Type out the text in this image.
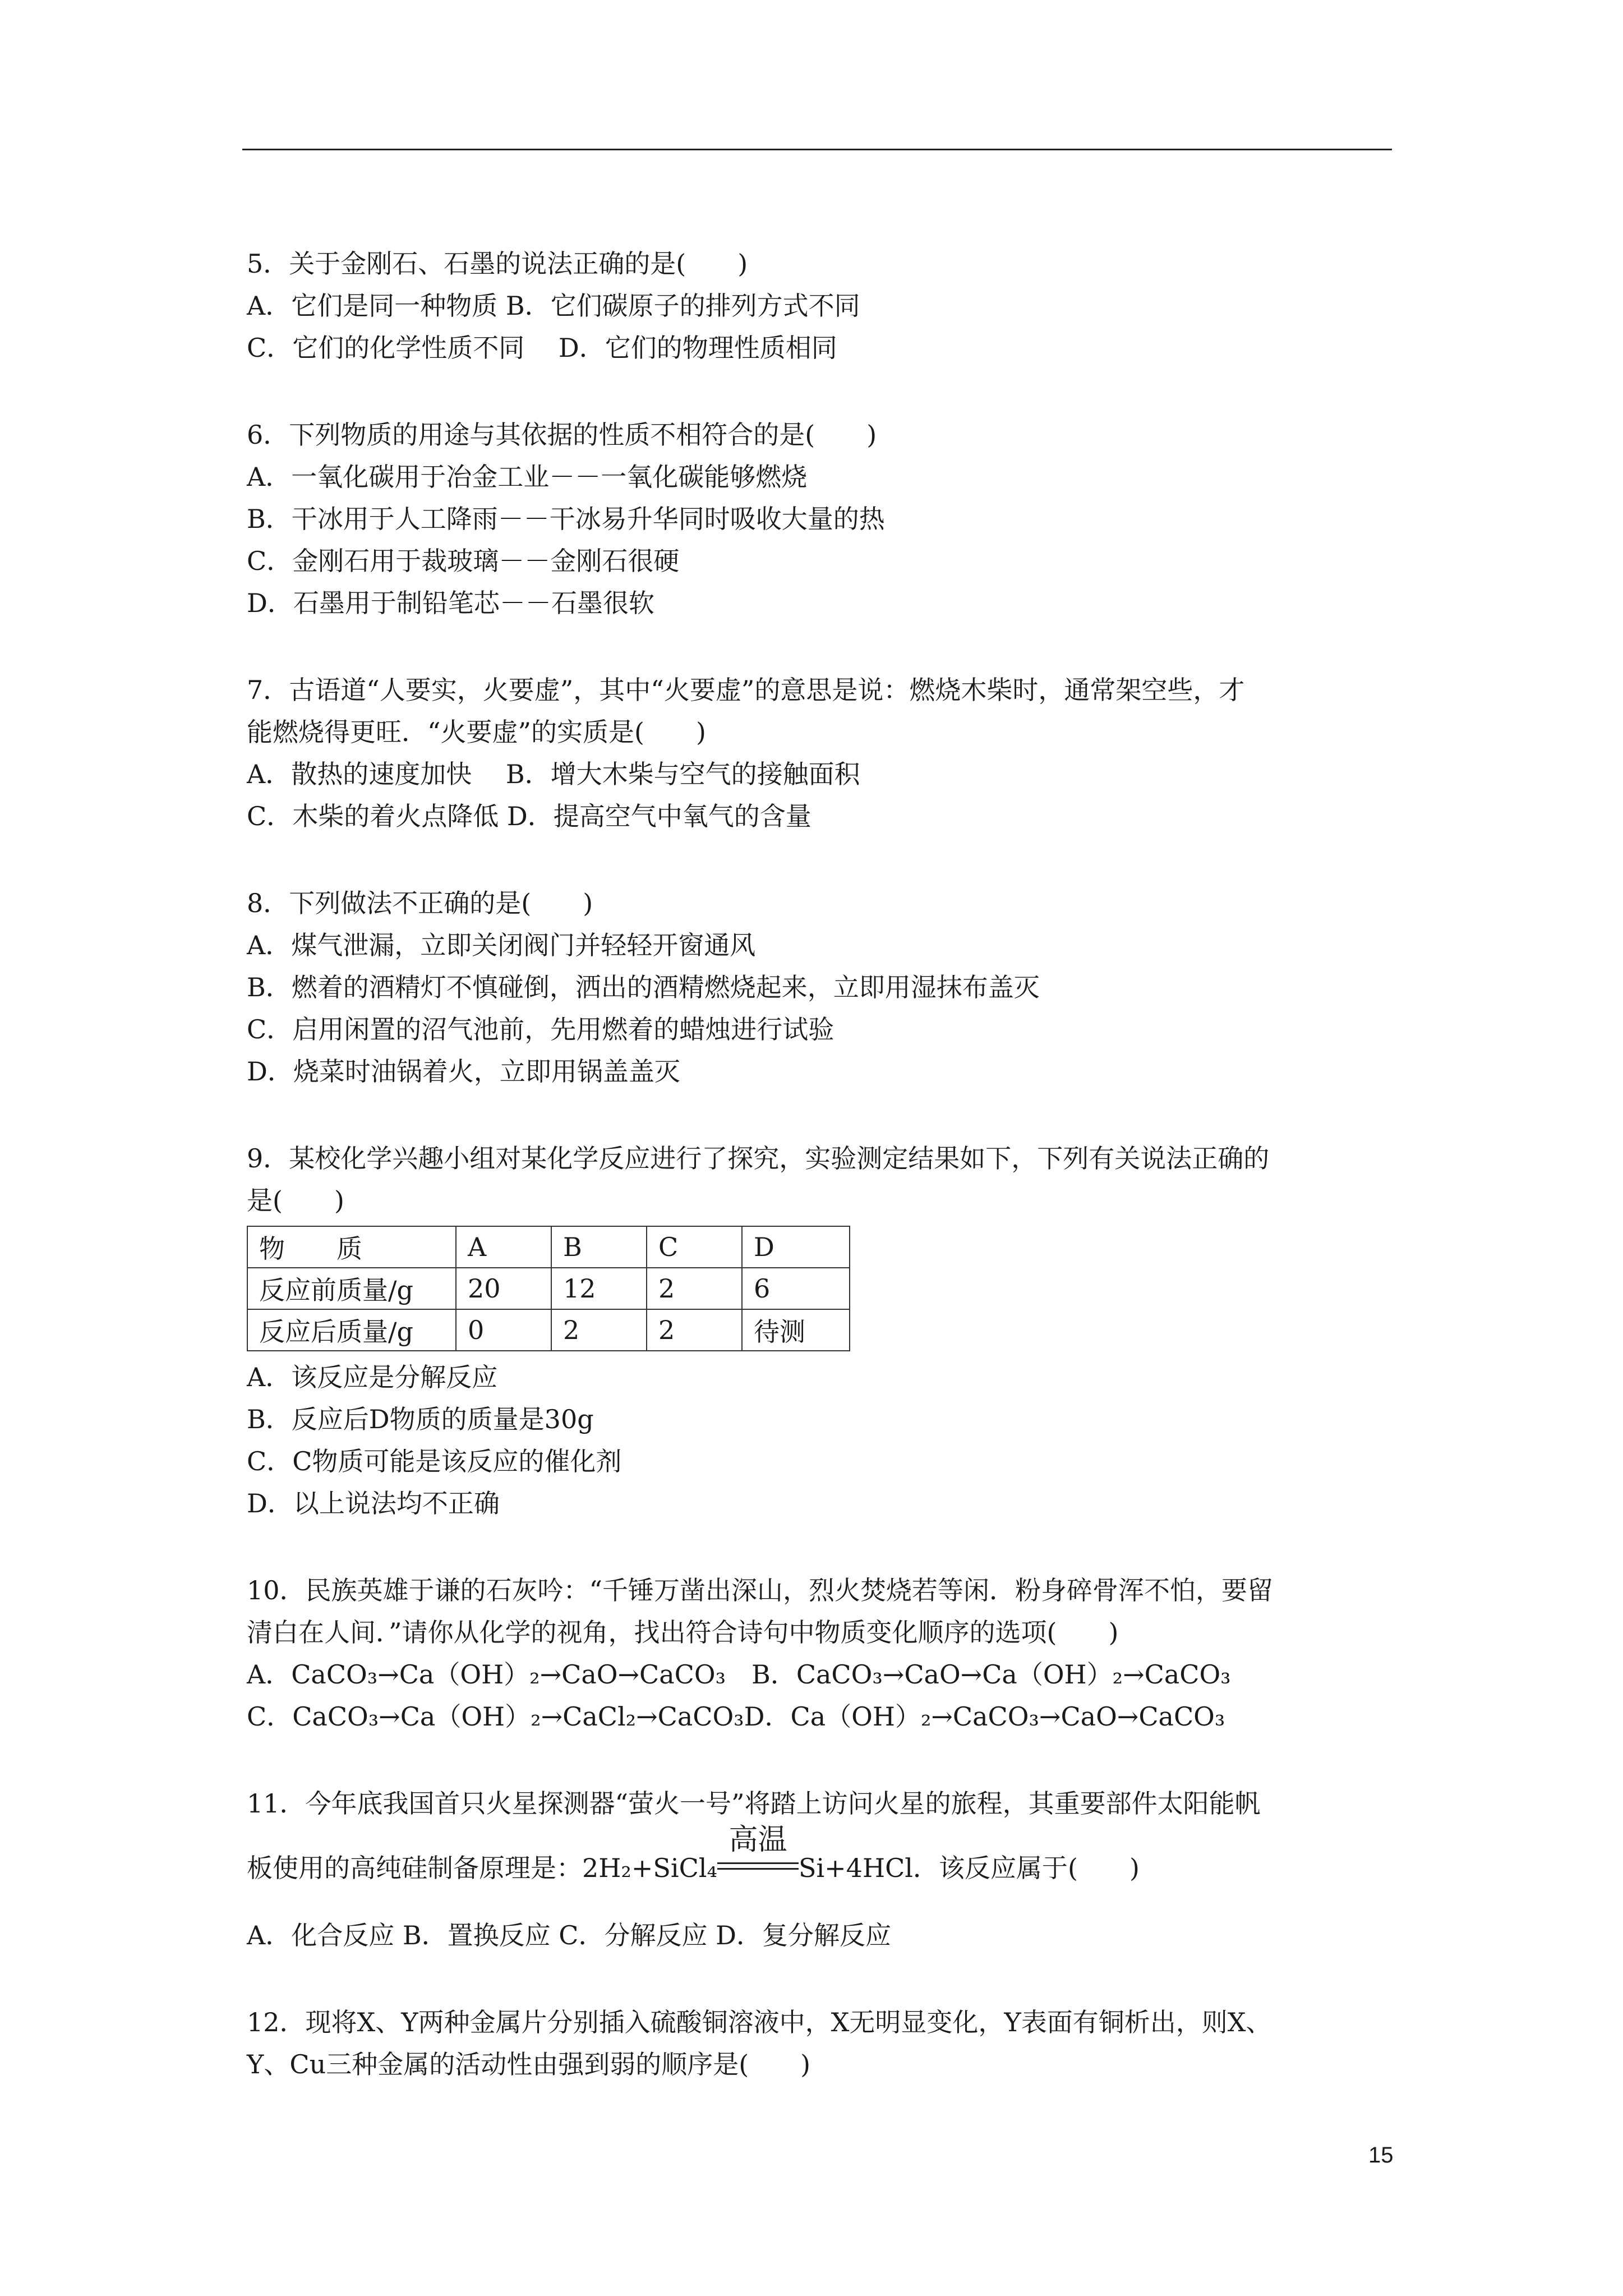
5．关于金刚石、石墨的说法正确的是(　　)
A．它们是同一种物质 B．它们碳原子的排列方式不同
C．它们的化学性质不同　 D．它们的物理性质相同
6．下列物质的用途与其依据的性质不相符合的是(　　)
A．一氧化碳用于冶金工业－－一氧化碳能够燃烧
B．干冰用于人工降雨－－干冰易升华同时吸收大量的热
C．金刚石用于裁玻璃－－金刚石很硬
D．石墨用于制铅笔芯－－石墨很软
7．古语道“人要实，火要虚”，其中“火要虚”的意思是说：燃烧木柴时，通常架空些，才
能燃烧得更旺．“火要虚”的实质是(　　)
A．散热的速度加快　 B．增大木柴与空气的接触面积
C．木柴的着火点降低 D．提高空气中氧气的含量
8．下列做法不正确的是(　　)
A．煤气泄漏，立即关闭阀门并轻轻开窗通风
B．燃着的酒精灯不慎碰倒，洒出的酒精燃烧起来，立即用湿抹布盖灭
C．启用闲置的沼气池前，先用燃着的蜡烛进行试验
D．烧菜时油锅着火，立即用锅盖盖灭
9．某校化学兴趣小组对某化学反应进行了探究，实验测定结果如下，下列有关说法正确的
是(　　)
物　　质	A	B	C	D
反应前质量/g	20	12	2	6
反应后质量/g	0	2	2	待测
A．该反应是分解反应
B．反应后D物质的质量是30g
C．C物质可能是该反应的催化剂
D．以上说法均不正确
10．民族英雄于谦的石灰吟：“千锤万凿出深山，烈火焚烧若等闲．粉身碎骨浑不怕，要留
清白在人间．”请你从化学的视角，找出符合诗句中物质变化顺序的选项(　　)
A．CaCO₃→Ca（OH）₂→CaO→CaCO₃　B．CaCO₃→CaO→Ca（OH）₂→CaCO₃
C．CaCO₃→Ca（OH）₂→CaCl₂→CaCO₃D．Ca（OH）₂→CaCO₃→CaO→CaCO₃
11．今年底我国首只火星探测器“萤火一号”将踏上访问火星的旅程，其重要部件太阳能帆
板使用的高纯硅制备原理是：2H₂+SiCl₄
高温
Si+4HCl．该反应属于(　　)
A．化合反应 B．置换反应 C．分解反应 D．复分解反应
12．现将X、Y两种金属片分别插入硫酸铜溶液中，X无明显变化，Y表面有铜析出，则X、
Y、Cu三种金属的活动性由强到弱的顺序是(　　)
15
